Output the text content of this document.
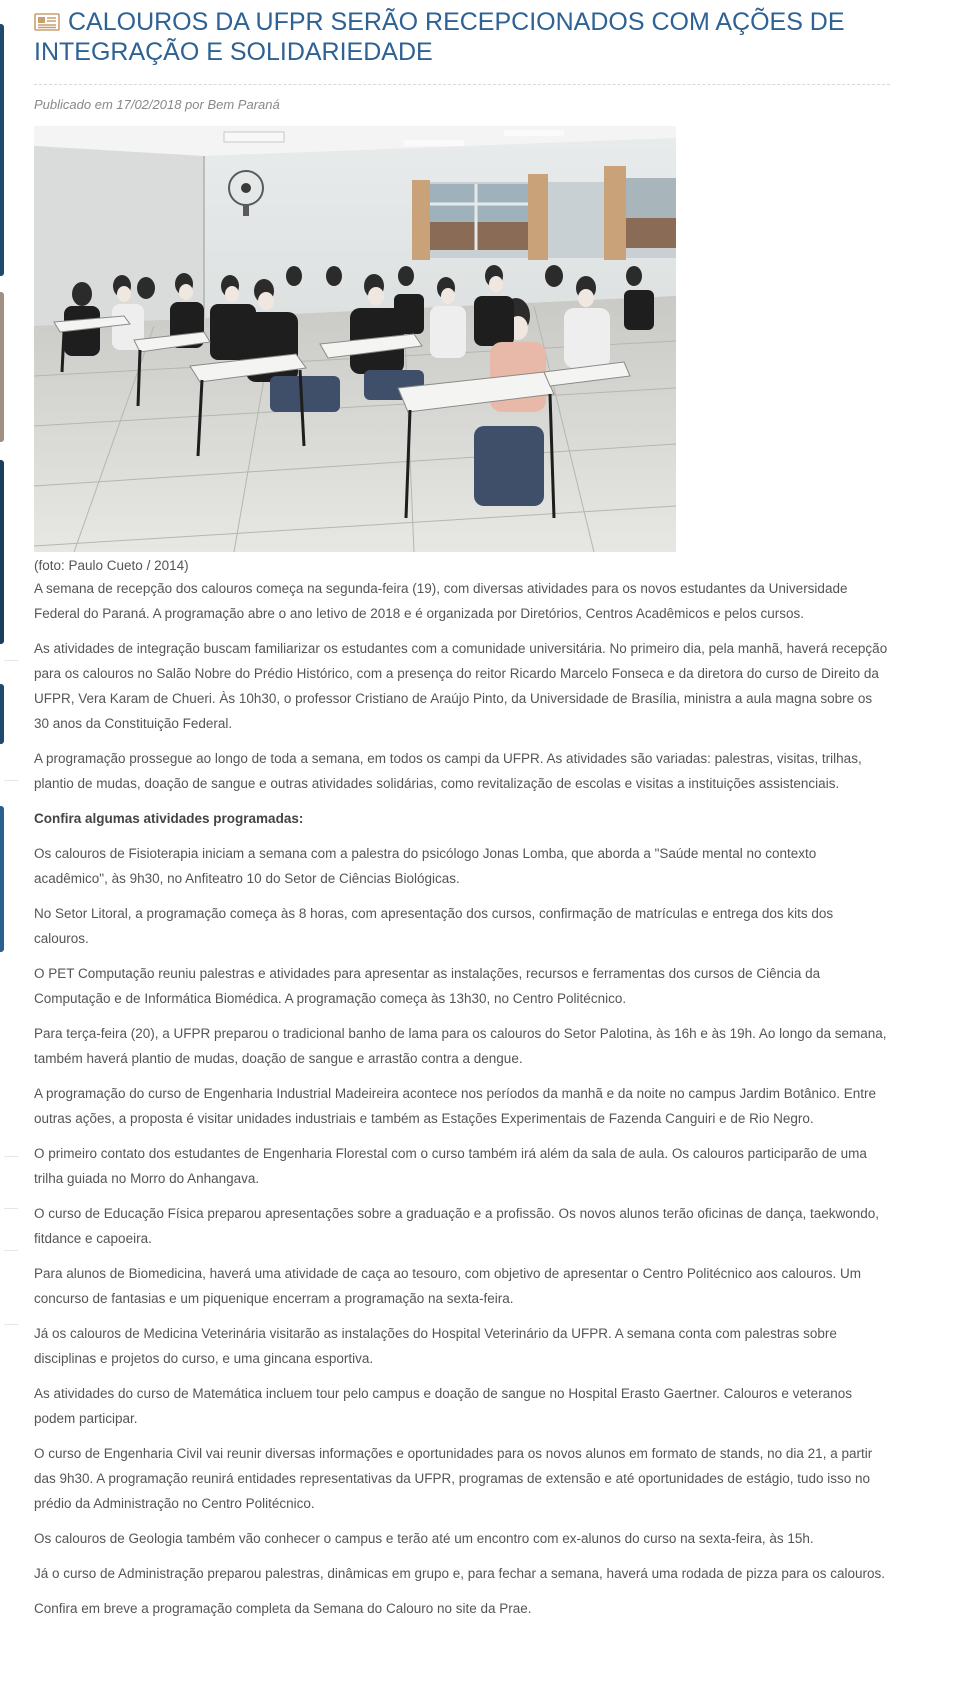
CALOUROS DA UFPR SERÃO RECEPCIONADOS COM AÇÕES DE INTEGRAÇÃO E SOLIDARIEDADE
Publicado em 17/02/2018 por Bem Paraná
(foto: Paulo Cueto / 2014)

A semana de recepção dos calouros começa na segunda-feira (19), com diversas atividades para os novos estudantes da Universidade Federal do Paraná. A programação abre o ano letivo de 2018 e é organizada por Diretórios, Centros Acadêmicos e pelos cursos.

As atividades de integração buscam familiarizar os estudantes com a comunidade universitária. No primeiro dia, pela manhã, haverá recepção para os calouros no Salão Nobre do Prédio Histórico, com a presença do reitor Ricardo Marcelo Fonseca e da diretora do curso de Direito da UFPR, Vera Karam de Chueri. Às 10h30, o professor Cristiano de Araújo Pinto, da Universidade de Brasília, ministra a aula magna sobre os 30 anos da Constituição Federal.

A programação prossegue ao longo de toda a semana, em todos os campi da UFPR. As atividades são variadas: palestras, visitas, trilhas, plantio de mudas, doação de sangue e outras atividades solidárias, como revitalização de escolas e visitas a instituições assistenciais.

Confira algumas atividades programadas:

Os calouros de Fisioterapia iniciam a semana com a palestra do psicólogo Jonas Lomba, que aborda a "Saúde mental no contexto acadêmico", às 9h30, no Anfiteatro 10 do Setor de Ciências Biológicas.

No Setor Litoral, a programação começa às 8 horas, com apresentação dos cursos, confirmação de matrículas e entrega dos kits dos calouros.

O PET Computação reuniu palestras e atividades para apresentar as instalações, recursos e ferramentas dos cursos de Ciência da Computação e de Informática Biomédica. A programação começa às 13h30, no Centro Politécnico.

Para terça-feira (20), a UFPR preparou o tradicional banho de lama para os calouros do Setor Palotina, às 16h e às 19h. Ao longo da semana, também haverá plantio de mudas, doação de sangue e arrastão contra a dengue.

A programação do curso de Engenharia Industrial Madeireira acontece nos períodos da manhã e da noite no campus Jardim Botânico. Entre outras ações, a proposta é visitar unidades industriais e também as Estações Experimentais de Fazenda Canguiri e de Rio Negro.

O primeiro contato dos estudantes de Engenharia Florestal com o curso também irá além da sala de aula. Os calouros participarão de uma trilha guiada no Morro do Anhangava.

O curso de Educação Física preparou apresentações sobre a graduação e a profissão. Os novos alunos terão oficinas de dança, taekwondo, fitdance e capoeira.

Para alunos de Biomedicina, haverá uma atividade de caça ao tesouro, com objetivo de apresentar o Centro Politécnico aos calouros. Um concurso de fantasias e um piquenique encerram a programação na sexta-feira.

Já os calouros de Medicina Veterinária visitarão as instalações do Hospital Veterinário da UFPR. A semana conta com palestras sobre disciplinas e projetos do curso, e uma gincana esportiva.

As atividades do curso de Matemática incluem tour pelo campus e doação de sangue no Hospital Erasto Gaertner. Calouros e veteranos podem participar.

O curso de Engenharia Civil vai reunir diversas informações e oportunidades para os novos alunos em formato de stands, no dia 21, a partir das 9h30. A programação reunirá entidades representativas da UFPR, programas de extensão e até oportunidades de estágio, tudo isso no prédio da Administração no Centro Politécnico.

Os calouros de Geologia também vão conhecer o campus e terão até um encontro com ex-alunos do curso na sexta-feira, às 15h.

Já o curso de Administração preparou palestras, dinâmicas em grupo e, para fechar a semana, haverá uma rodada de pizza para os calouros.

Confira em breve a programação completa da Semana do Calouro no site da Prae.
